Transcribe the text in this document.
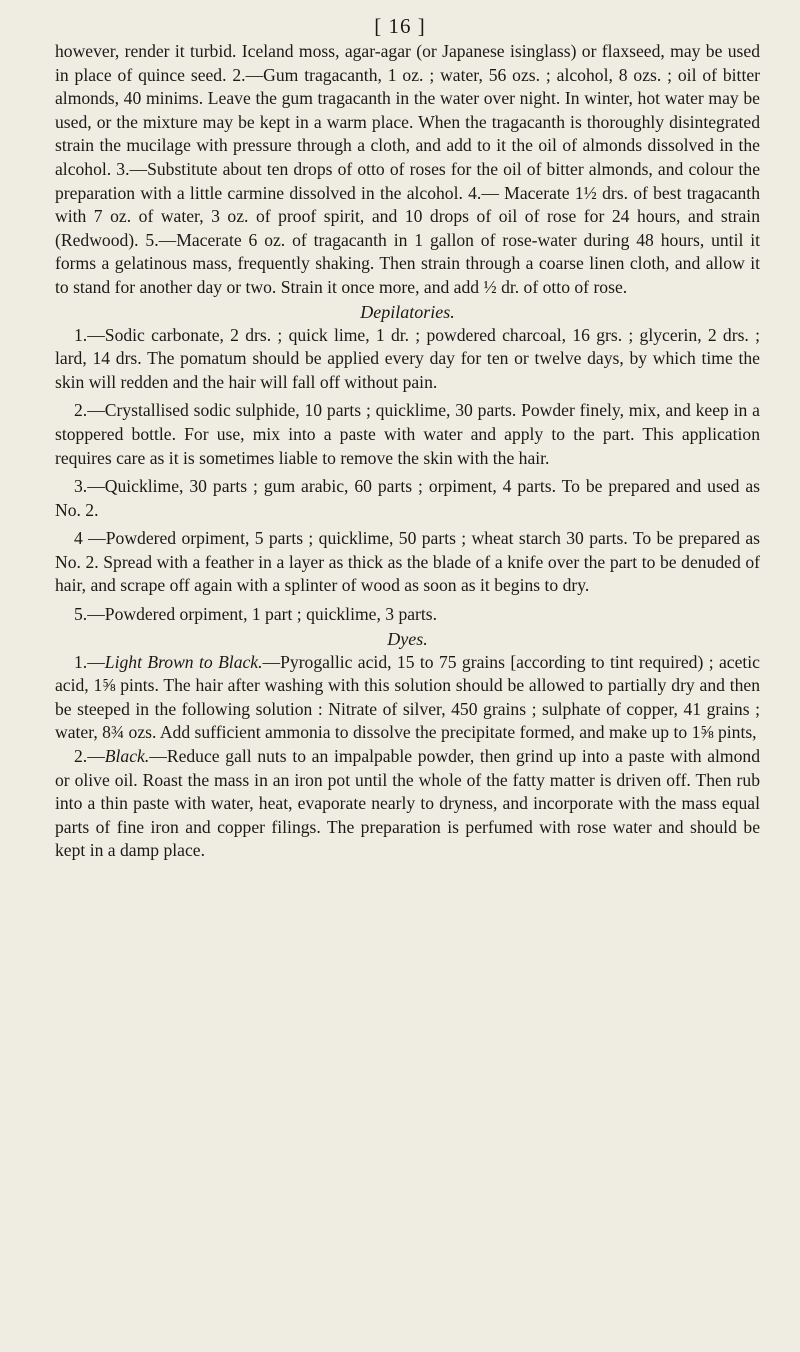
[ 16 ]

however, render it turbid. Iceland moss, agar-agar (or Japanese isinglass) or flaxseed, may be used in place of quince seed. 2.—Gum tragacanth, 1 oz. ; water, 56 ozs. ; alcohol, 8 ozs. ; oil of bitter almonds, 40 minims. Leave the gum tragacanth in the water over night. In winter, hot water may be used, or the mixture may be kept in a warm place. When the tragacanth is thoroughly disintegrated strain the mucilage with pressure through a cloth, and add to it the oil of almonds dissolved in the alcohol. 3.—Substitute about ten drops of otto of roses for the oil of bitter almonds, and colour the preparation with a little carmine dissolved in the alcohol. 4.— Macerate 1½ drs. of best tragacanth with 7 oz. of water, 3 oz. of proof spirit, and 10 drops of oil of rose for 24 hours, and strain (Redwood). 5.—Macerate 6 oz. of tragacanth in 1 gallon of rose-water during 48 hours, until it forms a gelatinous mass, frequently shaking. Then strain through a coarse linen cloth, and allow it to stand for another day or two. Strain it once more, and add ½ dr. of otto of rose.

Depilatories.

1.—Sodic carbonate, 2 drs. ; quick lime, 1 dr. ; powdered charcoal, 16 grs. ; glycerin, 2 drs. ; lard, 14 drs. The pomatum should be applied every day for ten or twelve days, by which time the skin will redden and the hair will fall off without pain.

2.—Crystallised sodic sulphide, 10 parts ; quicklime, 30 parts. Powder finely, mix, and keep in a stoppered bottle. For use, mix into a paste with water and apply to the part. This application requires care as it is sometimes liable to remove the skin with the hair.

3.—Quicklime, 30 parts ; gum arabic, 60 parts ; orpiment, 4 parts. To be prepared and used as No. 2.

4 —Powdered orpiment, 5 parts ; quicklime, 50 parts ; wheat starch 30 parts. To be prepared as No. 2. Spread with a feather in a layer as thick as the blade of a knife over the part to be denuded of hair, and scrape off again with a splinter of wood as soon as it begins to dry.

5.—Powdered orpiment, 1 part ; quicklime, 3 parts.

Dyes.

1.—Light Brown to Black.—Pyrogallic acid, 15 to 75 grains [according to tint required) ; acetic acid, 1⅝ pints. The hair after washing with this solution should be allowed to partially dry and then be steeped in the following solution : Nitrate of silver, 450 grains ; sulphate of copper, 41 grains ; water, 8¾ ozs. Add sufficient ammonia to dissolve the precipitate formed, and make up to 1⅝ pints,

2.—Black.—Reduce gall nuts to an impalpable powder, then grind up into a paste with almond or olive oil. Roast the mass in an iron pot until the whole of the fatty matter is driven off. Then rub into a thin paste with water, heat, evaporate nearly to dryness, and incorporate with the mass equal parts of fine iron and copper filings. The preparation is perfumed with rose water and should be kept in a damp place.
